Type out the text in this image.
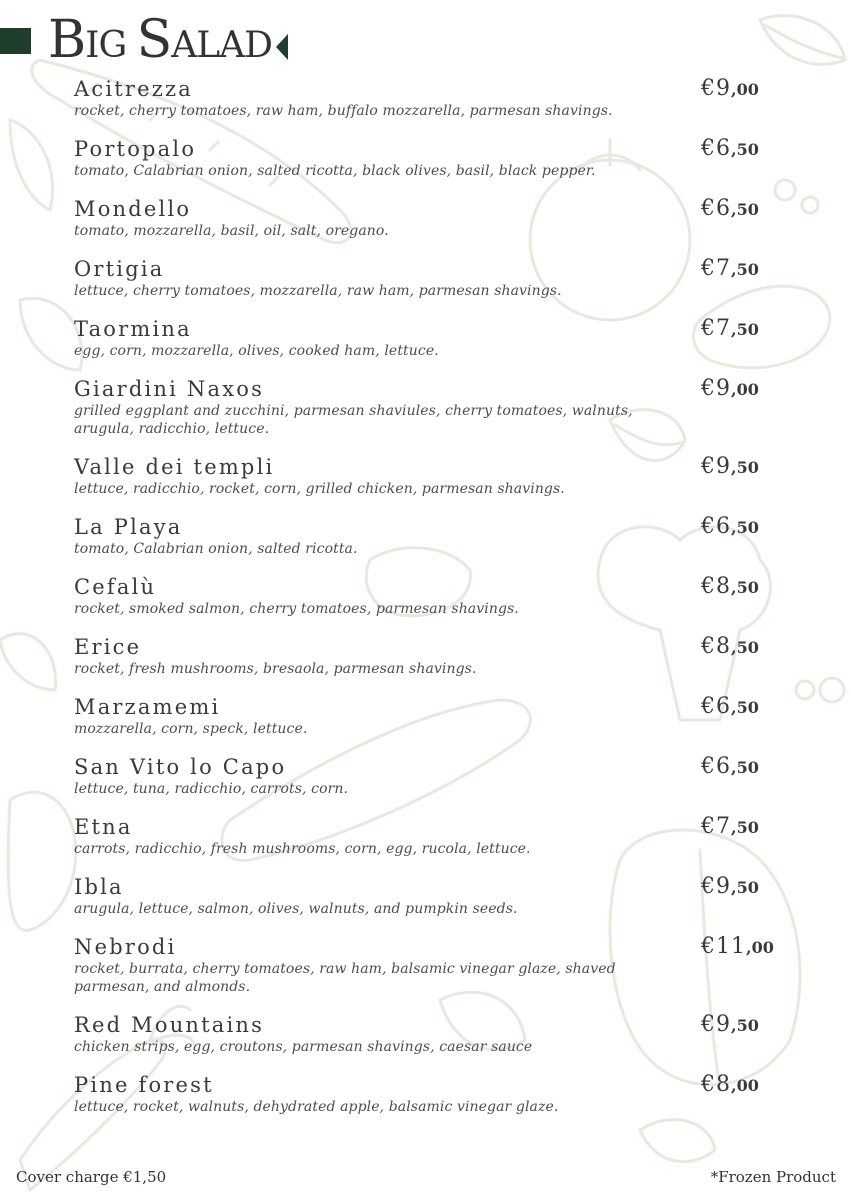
BIG SALAD
Acitrezza
rocket, cherry tomatoes, raw ham, buffalo mozzarella, parmesan shavings.
€9,00
Portopalo
tomato, Calabrian onion, salted ricotta, black olives, basil, black pepper.
€6,50
Mondello
tomato, mozzarella, basil, oil, salt, oregano.
€6,50
Ortigia
lettuce, cherry tomatoes, mozzarella, raw ham, parmesan shavings.
€7,50
Taormina
egg, corn, mozzarella, olives, cooked ham, lettuce.
€7,50
Giardini Naxos
grilled eggplant and zucchini, parmesan shaviules, cherry tomatoes, walnuts, arugula, radicchio, lettuce.
€9,00
Valle dei templi
lettuce, radicchio, rocket, corn, grilled chicken, parmesan shavings.
€9,50
La Playa
tomato, Calabrian onion, salted ricotta.
€6,50
Cefalù
rocket, smoked salmon, cherry tomatoes, parmesan shavings.
€8,50
Erice
rocket, fresh mushrooms, bresaola, parmesan shavings.
€8,50
Marzamemi
mozzarella, corn, speck, lettuce.
€6,50
San Vito lo Capo
lettuce, tuna, radicchio, carrots, corn.
€6,50
Etna
carrots, radicchio, fresh mushrooms, corn, egg, rucola, lettuce.
€7,50
Ibla
arugula, lettuce, salmon, olives, walnuts, and pumpkin seeds.
€9,50
Nebrodi
rocket, burrata, cherry tomatoes, raw ham, balsamic vinegar glaze, shaved parmesan, and almonds.
€11,00
Red Mountains
chicken strips, egg, croutons, parmesan shavings, caesar sauce
€9,50
Pine forest
lettuce, rocket, walnuts, dehydrated apple, balsamic vinegar glaze.
€8,00
Cover charge €1,50	*Frozen Product
